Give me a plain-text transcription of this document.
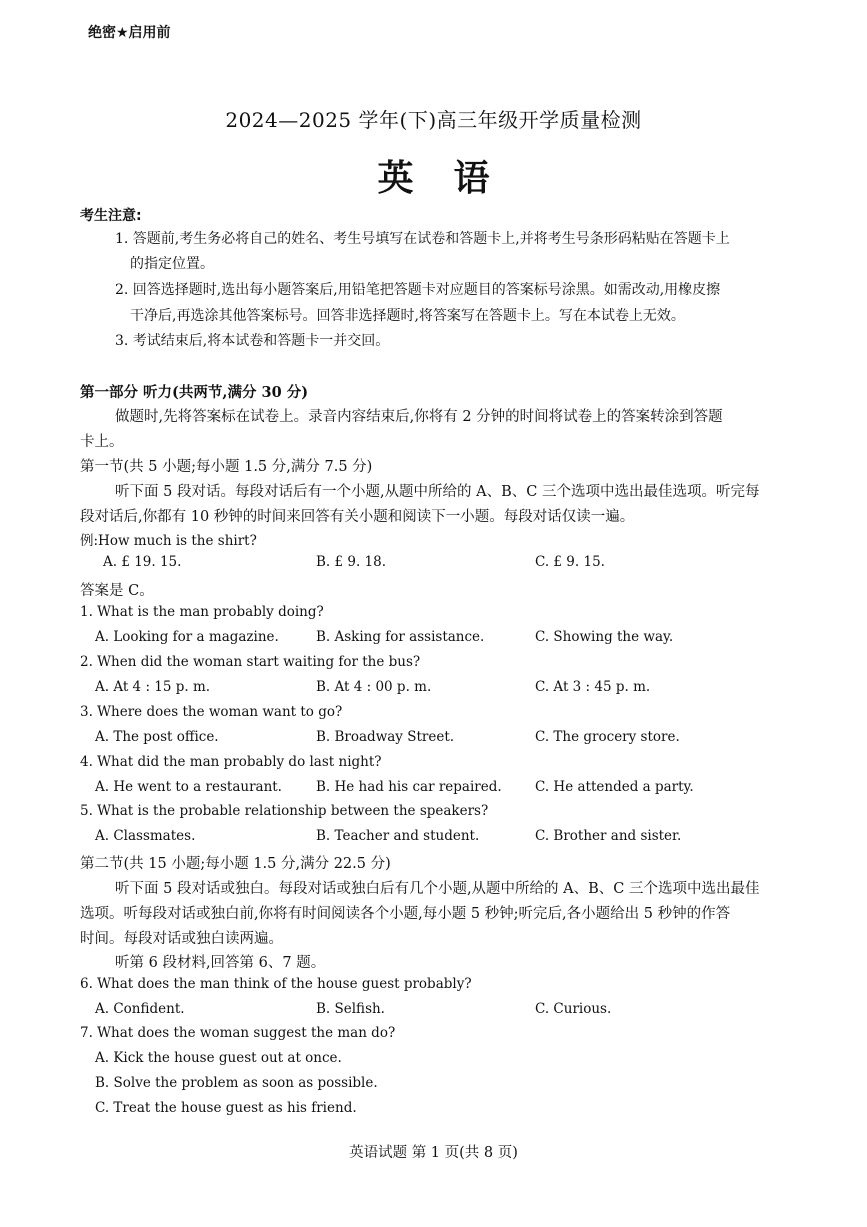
绝密★启用前
2024—2025 学年(下)高三年级开学质量检测
英语
考生注意:
1. 答题前,考生务必将自己的姓名、考生号填写在试卷和答题卡上,并将考生号条形码粘贴在答题卡上
的指定位置。
2. 回答选择题时,选出每小题答案后,用铅笔把答题卡对应题目的答案标号涂黑。如需改动,用橡皮擦
干净后,再选涂其他答案标号。回答非选择题时,将答案写在答题卡上。写在本试卷上无效。
3. 考试结束后,将本试卷和答题卡一并交回。
第一部分 听力(共两节,满分 30 分)
做题时,先将答案标在试卷上。录音内容结束后,你将有 2 分钟的时间将试卷上的答案转涂到答题
卡上。
第一节(共 5 小题;每小题 1.5 分,满分 7.5 分)
听下面 5 段对话。每段对话后有一个小题,从题中所给的 A、B、C 三个选项中选出最佳选项。听完每
段对话后,你都有 10 秒钟的时间来回答有关小题和阅读下一小题。每段对话仅读一遍。
例:How much is the shirt?
A. £ 19. 15.	B. £ 9. 18.	C. £ 9. 15.
答案是 C。
1. What is the man probably doing?
A. Looking for a magazine.	B. Asking for assistance.	C. Showing the way.
2. When did the woman start waiting for the bus?
A. At 4 : 15 p. m.	B. At 4 : 00 p. m.	C. At 3 : 45 p. m.
3. Where does the woman want to go?
A. The post office.	B. Broadway Street.	C. The grocery store.
4. What did the man probably do last night?
A. He went to a restaurant.	B. He had his car repaired. C. He attended a party.
5. What is the probable relationship between the speakers?
A. Classmates.	B. Teacher and student.	C. Brother and sister.
第二节(共 15 小题;每小题 1.5 分,满分 22.5 分)
听下面 5 段对话或独白。每段对话或独白后有几个小题,从题中所给的 A、B、C 三个选项中选出最佳
选项。听每段对话或独白前,你将有时间阅读各个小题,每小题 5 秒钟;听完后,各小题给出 5 秒钟的作答
时间。每段对话或独白读两遍。
听第 6 段材料,回答第 6、7 题。
6. What does the man think of the house guest probably?
A. Confident.	B. Selfish.	C. Curious.
7. What does the woman suggest the man do?
A. Kick the house guest out at once.
B. Solve the problem as soon as possible.
C. Treat the house guest as his friend.
英语试题 第 1 页(共 8 页)
